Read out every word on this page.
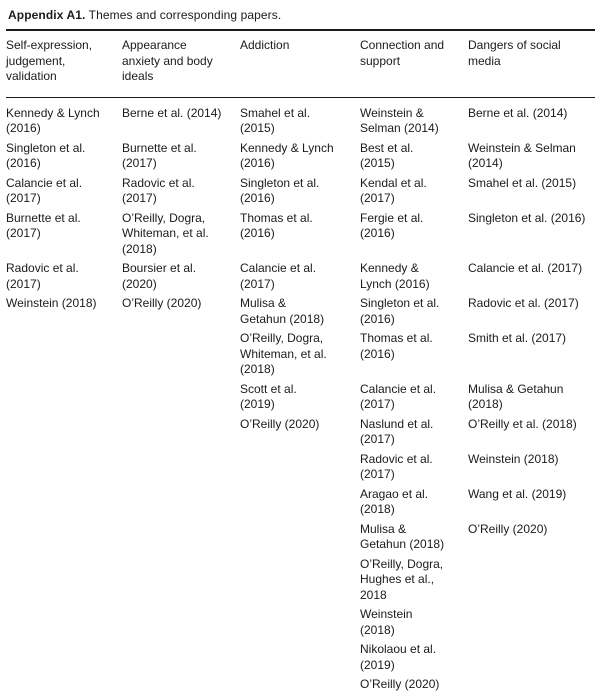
Appendix A1. Themes and corresponding papers.
Self-expression, judgement, validation	Appearance anxiety and body ideals	Addiction	Connection and support	Dangers of social media
Kennedy & Lynch (2016)	Berne et al. (2014)	Smahel et al. (2015)	Weinstein & Selman (2014)	Berne et al. (2014)
Singleton et al. (2016)	Burnette et al. (2017)	Kennedy & Lynch (2016)	Best et al. (2015)	Weinstein & Selman (2014)
Calancie et al. (2017)	Radovic et al. (2017)	Singleton et al. (2016)	Kendal et al. (2017)	Smahel et al. (2015)
Burnette et al. (2017)	O’Reilly, Dogra, Whiteman, et al. (2018)	Thomas et al. (2016)	Fergie et al. (2016)	Singleton et al. (2016)
Radovic et al. (2017)	Boursier et al. (2020)	Calancie et al. (2017)	Kennedy & Lynch (2016)	Calancie et al. (2017)
Weinstein (2018)	O’Reilly (2020)	Mulisa & Getahun (2018)	Singleton et al. (2016)	Radovic et al. (2017)
		O’Reilly, Dogra, Whiteman, et al. (2018)	Thomas et al. (2016)	Smith et al. (2017)
		Scott et al. (2019)	Calancie et al. (2017)	Mulisa & Getahun (2018)
		O’Reilly (2020)	Naslund et al. (2017)	O’Reilly et al. (2018)
			Radovic et al. (2017)	Weinstein (2018)
			Aragao et al. (2018)	Wang et al. (2019)
			Mulisa & Getahun (2018)	O’Reilly (2020)
			O’Reilly, Dogra, Hughes et al., 2018	
			Weinstein (2018)	
			Nikolaou et al. (2019)	
			O’Reilly (2020)	
